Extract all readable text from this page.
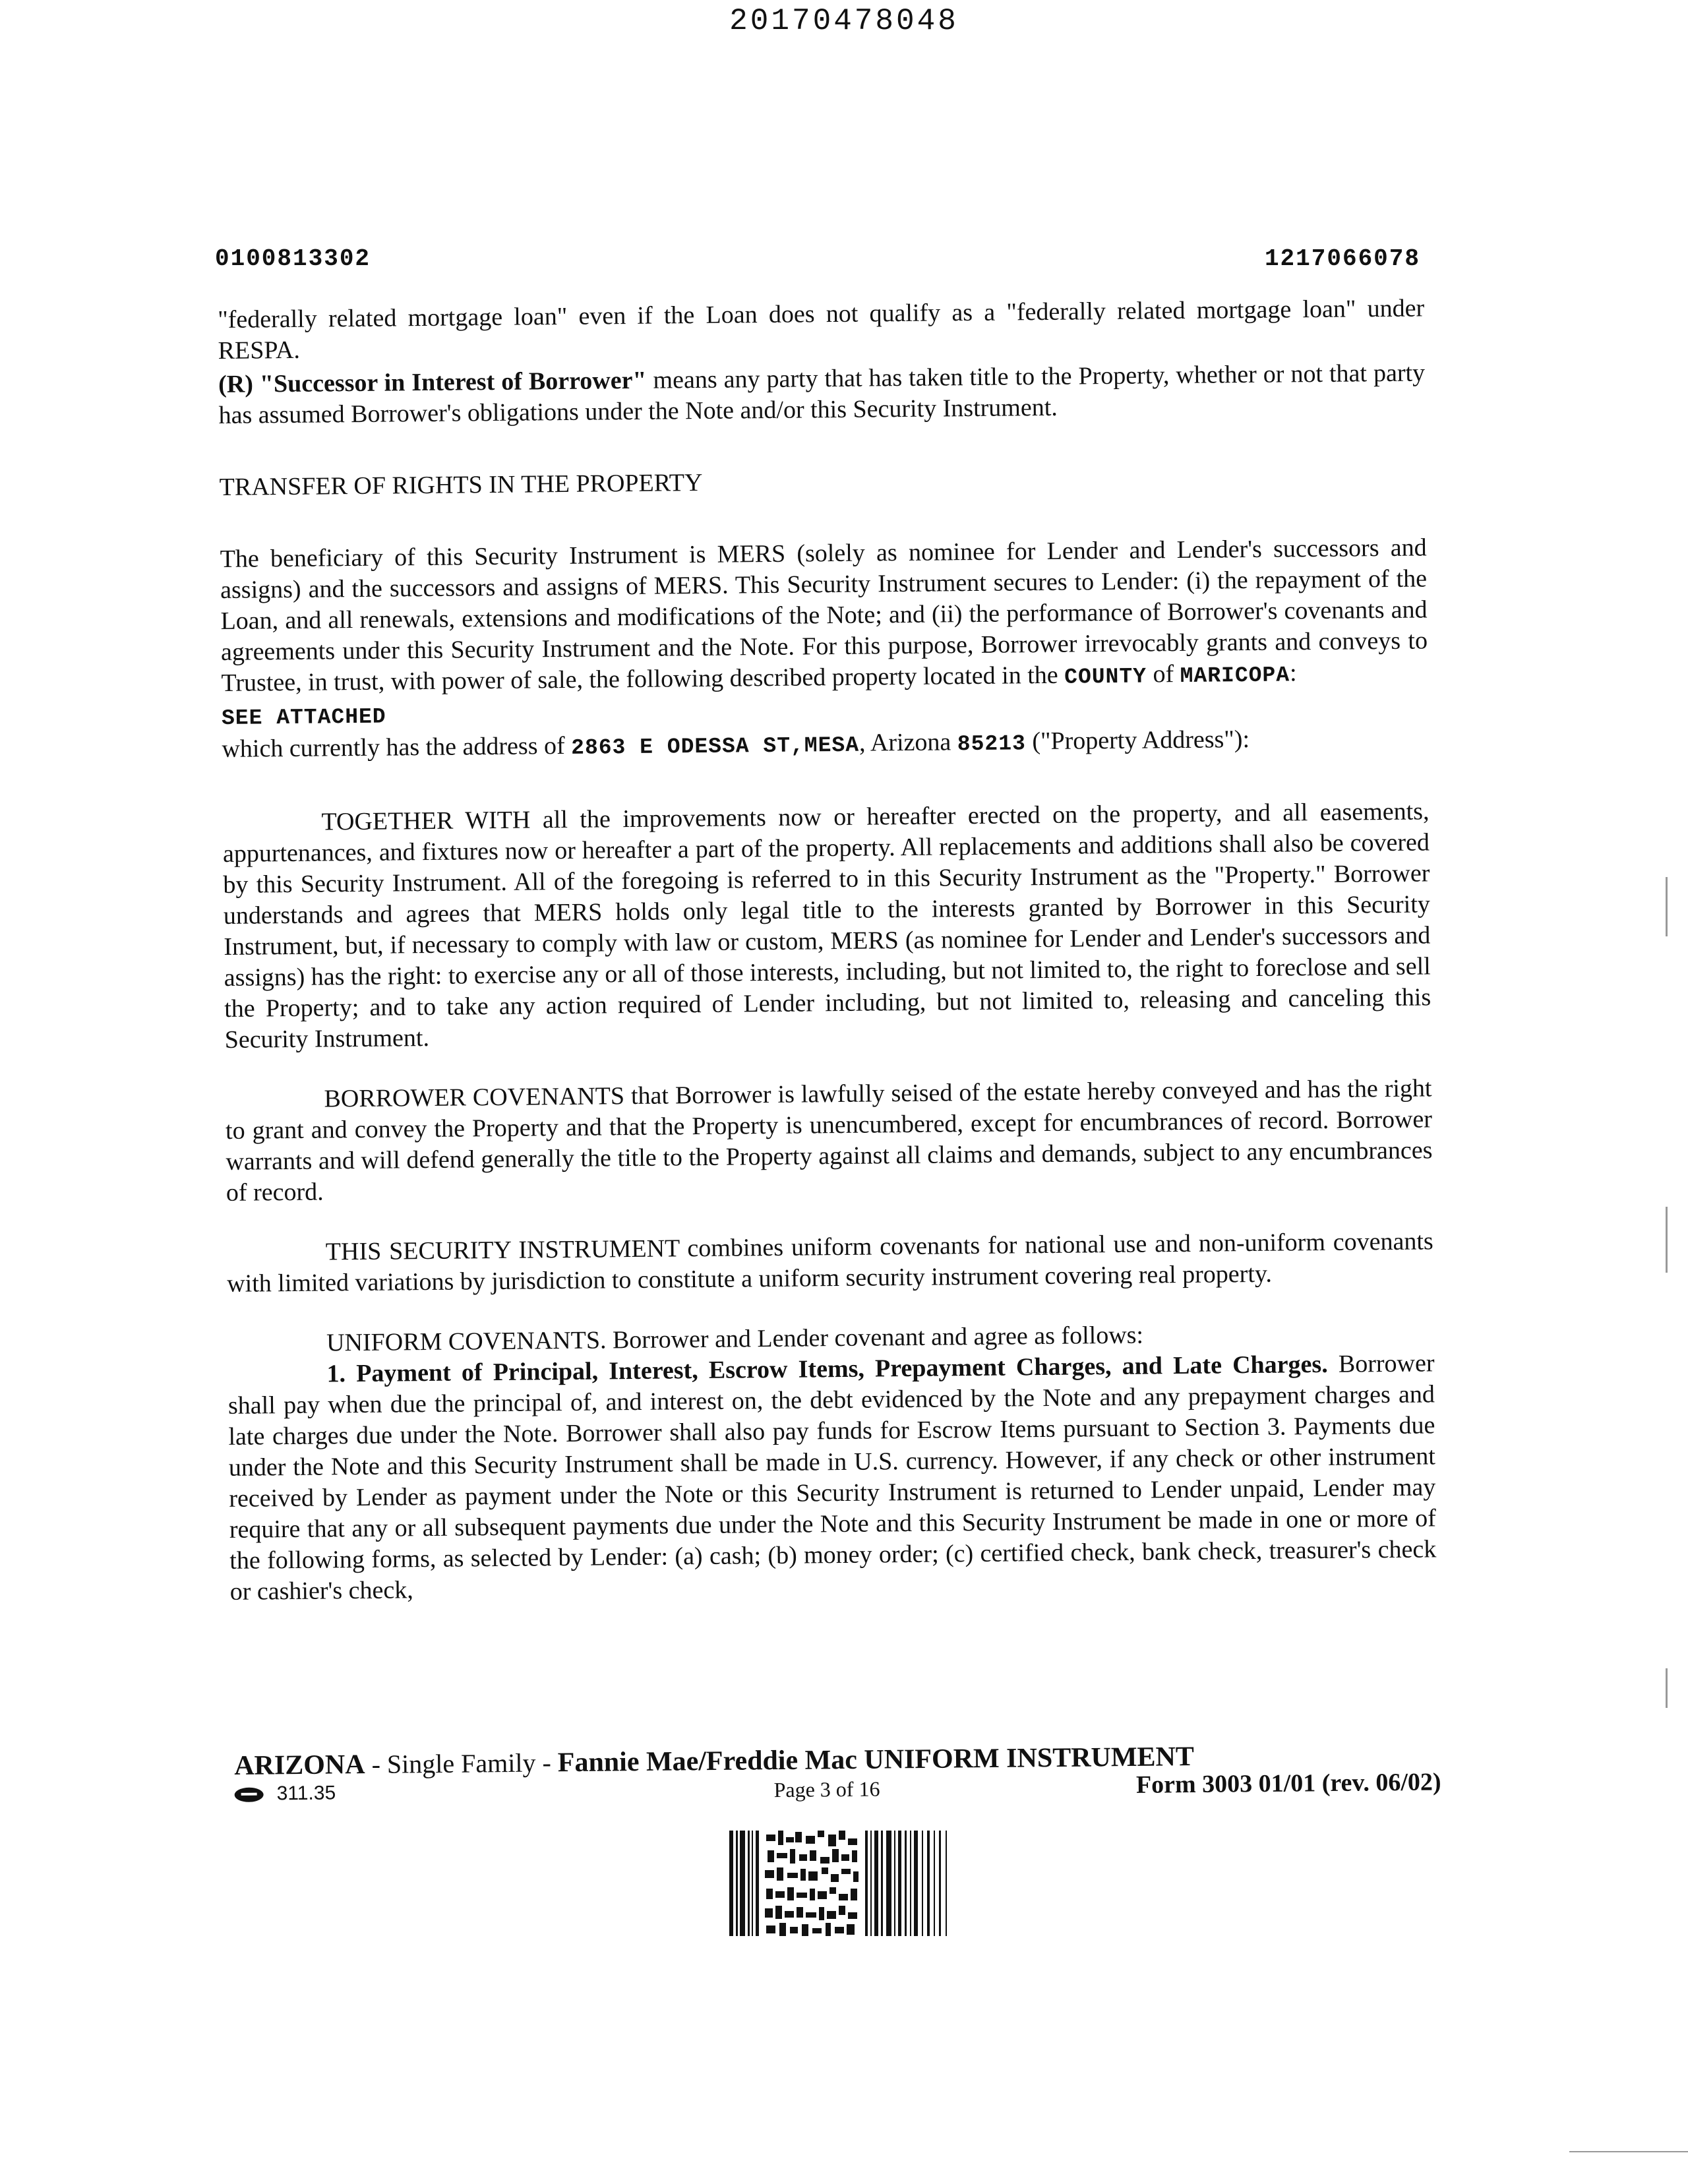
20170478048
0100813302	1217066078

"federally related mortgage loan" even if the Loan does not qualify as a "federally related mortgage loan" under RESPA.

(R) "Successor in Interest of Borrower" means any party that has taken title to the Property, whether or not that party has assumed Borrower's obligations under the Note and/or this Security Instrument.

TRANSFER OF RIGHTS IN THE PROPERTY

The beneficiary of this Security Instrument is MERS (solely as nominee for Lender and Lender's successors and assigns) and the successors and assigns of MERS. This Security Instrument secures to Lender: (i) the repayment of the Loan, and all renewals, extensions and modifications of the Note; and (ii) the performance of Borrower's covenants and agreements under this Security Instrument and the Note. For this purpose, Borrower irrevocably grants and conveys to Trustee, in trust, with power of sale, the following described property located in the COUNTY of MARICOPA:

SEE ATTACHED

which currently has the address of 2863 E ODESSA ST,MESA, Arizona 85213 ("Property Address"):

TOGETHER WITH all the improvements now or hereafter erected on the property, and all easements, appurtenances, and fixtures now or hereafter a part of the property. All replacements and additions shall also be covered by this Security Instrument. All of the foregoing is referred to in this Security Instrument as the "Property." Borrower understands and agrees that MERS holds only legal title to the interests granted by Borrower in this Security Instrument, but, if necessary to comply with law or custom, MERS (as nominee for Lender and Lender's successors and assigns) has the right: to exercise any or all of those interests, including, but not limited to, the right to foreclose and sell the Property; and to take any action required of Lender including, but not limited to, releasing and canceling this Security Instrument.

BORROWER COVENANTS that Borrower is lawfully seised of the estate hereby conveyed and has the right to grant and convey the Property and that the Property is unencumbered, except for encumbrances of record. Borrower warrants and will defend generally the title to the Property against all claims and demands, subject to any encumbrances of record.

THIS SECURITY INSTRUMENT combines uniform covenants for national use and non-uniform covenants with limited variations by jurisdiction to constitute a uniform security instrument covering real property.

UNIFORM COVENANTS. Borrower and Lender covenant and agree as follows:

1. Payment of Principal, Interest, Escrow Items, Prepayment Charges, and Late Charges. Borrower shall pay when due the principal of, and interest on, the debt evidenced by the Note and any prepayment charges and late charges due under the Note. Borrower shall also pay funds for Escrow Items pursuant to Section 3. Payments due under the Note and this Security Instrument shall be made in U.S. currency. However, if any check or other instrument received by Lender as payment under the Note or this Security Instrument is returned to Lender unpaid, Lender may require that any or all subsequent payments due under the Note and this Security Instrument be made in one or more of the following forms, as selected by Lender: (a) cash; (b) money order; (c) certified check, bank check, treasurer's check or cashier's check,

ARIZONA - Single Family - Fannie Mae/Freddie Mac UNIFORM INSTRUMENT
311.35	Page 3 of 16	Form 3003 01/01 (rev. 06/02)
